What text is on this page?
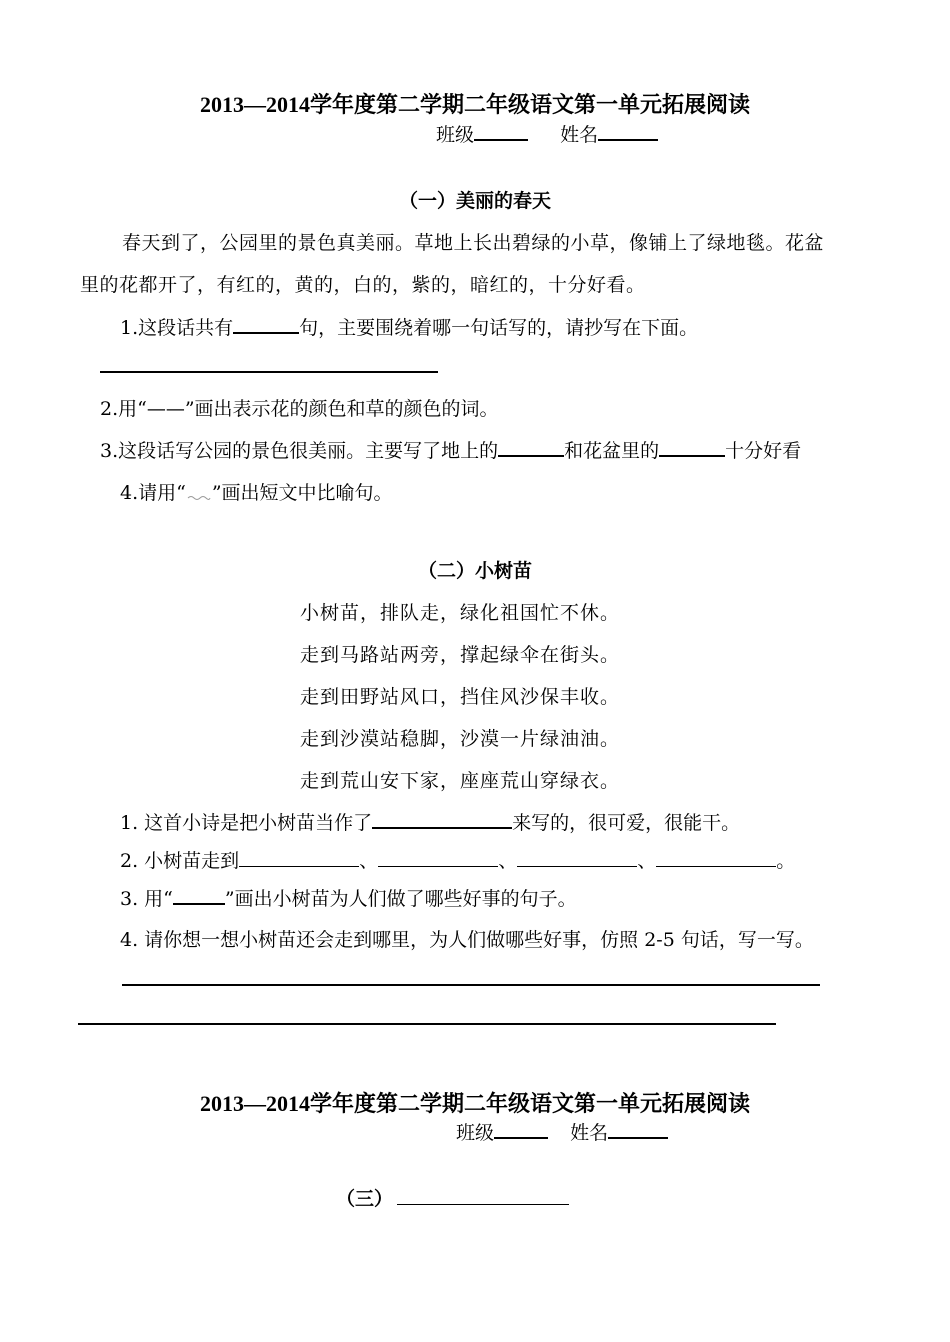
2013—2014学年度第二学期二年级语文第一单元拓展阅读
班级	姓名
（一）美丽的春天
春天到了，公园里的景色真美丽。草地上长出碧绿的小草，像铺上了绿地毯。花盆
里的花都开了，有红的，黄的，白的，紫的，暗红的，十分好看。
1.这段话共有	句，主要围绕着哪一句话写的，请抄写在下面。
2.用“——”画出表示花的颜色和草的颜色的词。
3.这段话写公园的景色很美丽。主要写了地上的	和花盆里的	十分好看
4.请用“ ”画出短文中比喻句。
（二）小树苗
小树苗，排队走，绿化祖国忙不休。
走到马路站两旁，撑起绿伞在街头。
走到田野站风口，挡住风沙保丰收。
走到沙漠站稳脚，沙漠一片绿油油。
走到荒山安下家，座座荒山穿绿衣。
1. 这首小诗是把小树苗当作了	来写的，很可爱，很能干。
2. 小树苗走到	、	、	、	。
3. 用“	”画出小树苗为人们做了哪些好事的句子。
4. 请你想一想小树苗还会走到哪里，为人们做哪些好事，仿照 2-5 句话，写一写。
2013—2014学年度第二学期二年级语文第一单元拓展阅读
班级	姓名
（三）
